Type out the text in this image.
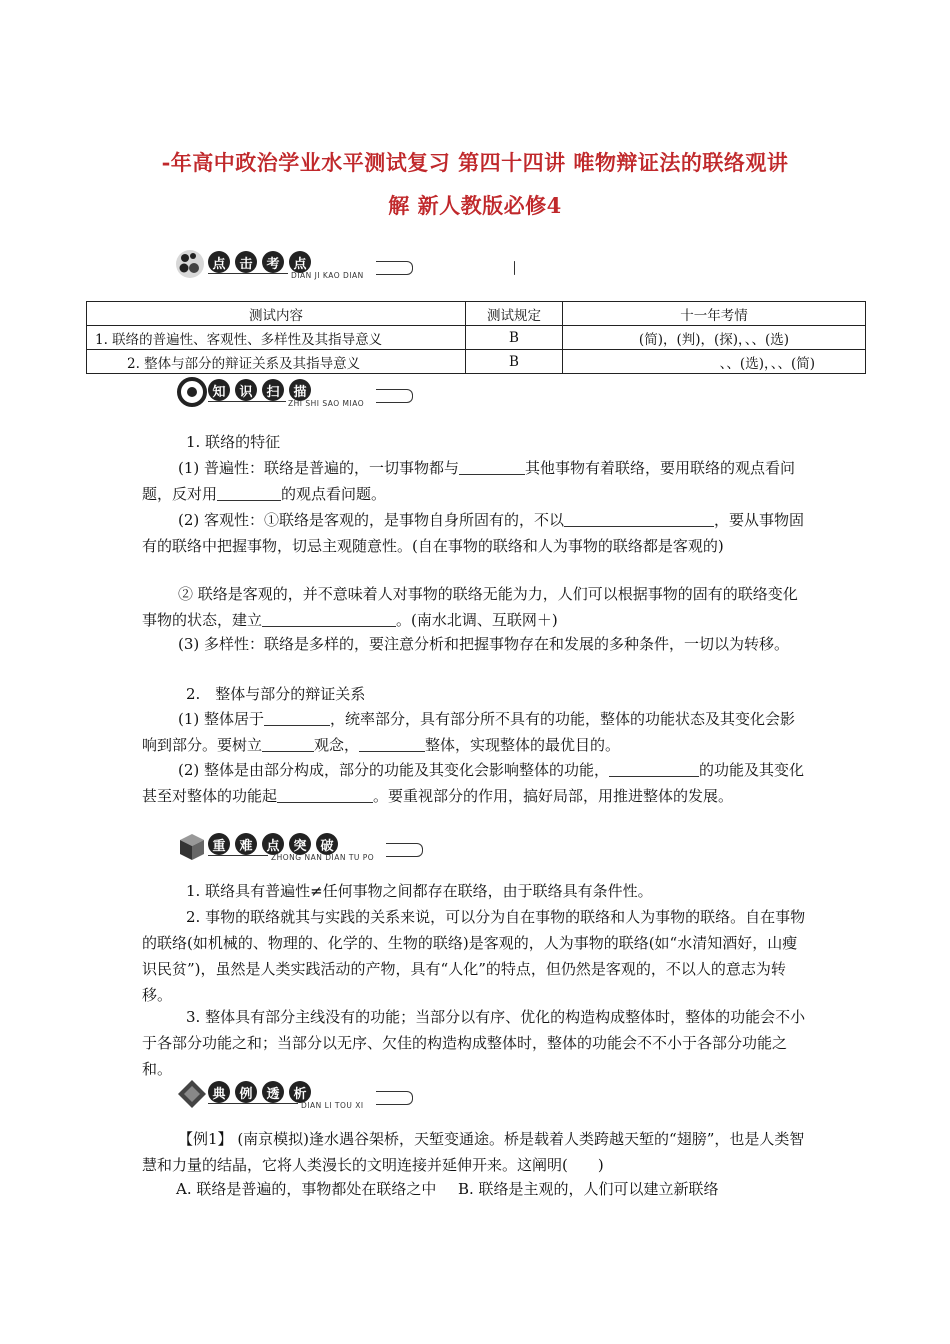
-年高中政治学业水平测试复习 第四十四讲 唯物辩证法的联络观讲
解 新人教版必修4
点	击	考	点
DIAN JI KAO DIAN
测试内容	测试规定	十一年考情
1. 联络的普遍性、客观性、多样性及其指导意义	B	(简)，(判)，(探)，、、(选)
2. 整体与部分的辩证关系及其指导意义	B	、、(选)，、、(简)
知	识	扫	描
ZHI SHI SAO MIAO
1. 联络的特征
(1) 普遍性：联络是普遍的，一切事物都与	其他事物有着联络，要用联络的观点看问题，反对用	的观点看问题。
(2) 客观性：①联络是客观的，是事物自身所固有的，不以	，要从事物固有的联络中把握事物，切忌主观随意性。(自在事物的联络和人为事物的联络都是客观的)
② 联络是客观的，并不意味着人对事物的联络无能为力，人们可以根据事物的固有的联络变化事物的状态，建立	。(南水北调、互联网＋)
(3) 多样性：联络是多样的，要注意分析和把握事物存在和发展的多种条件，一切以为转移。
2.　整体与部分的辩证关系
(1) 整体居于	，统率部分，具有部分所不具有的功能，整体的功能状态及其变化会影响到部分。要树立	观念，	整体，实现整体的最优目的。
(2) 整体是由部分构成，部分的功能及其变化会影响整体的功能，	的功能及其变化甚至对整体的功能起	。要重视部分的作用，搞好局部，用推进整体的发展。
重	难	点	突	破
ZHONG NAN DIAN TU PO
1. 联络具有普遍性≠任何事物之间都存在联络，由于联络具有条件性。
2. 事物的联络就其与实践的关系来说，可以分为自在事物的联络和人为事物的联络。自在事物的联络(如机械的、物理的、化学的、生物的联络)是客观的，人为事物的联络(如“水清知酒好，山瘦识民贫”)，虽然是人类实践活动的产物，具有“人化”的特点，但仍然是客观的，不以人的意志为转移。
3. 整体具有部分主线没有的功能；当部分以有序、优化的构造构成整体时，整体的功能会不小于各部分功能之和；当部分以无序、欠佳的构造构成整体时，整体的功能会不不小于各部分功能之和。
典	例	透	析
DIAN LI TOU XI
【例1】 (南京模拟)逢水遇谷架桥，天堑变通途。桥是载着人类跨越天堑的“翅膀”，也是人类智慧和力量的结晶，它将人类漫长的文明连接并延伸开来。这阐明(　　)
A. 联络是普遍的，事物都处在联络之中 B. 联络是主观的，人们可以建立新联络
